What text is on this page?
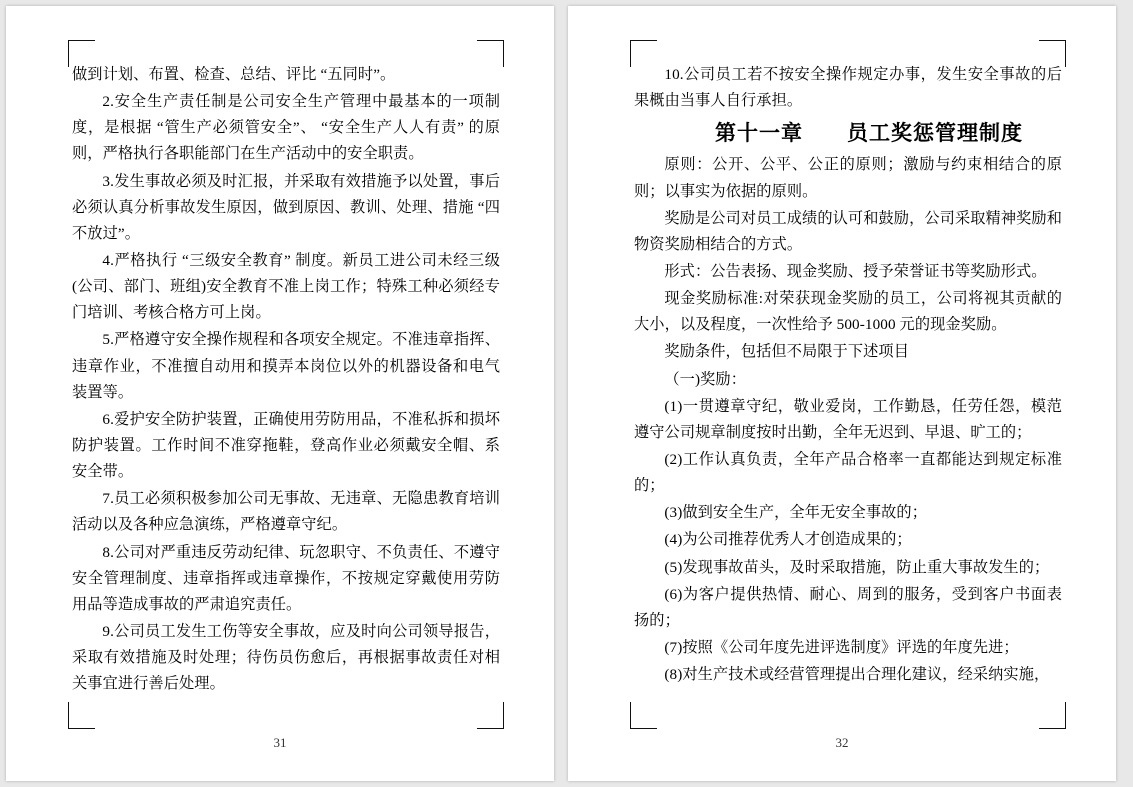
做到计划、布置、检查、总结、评比 “五同时”。

2.安全生产责任制是公司安全生产管理中最基本的一项制度，是根据 “管生产必须管安全”、 “安全生产人人有责” 的原则，严格执行各职能部门在生产活动中的安全职责。

3.发生事故必须及时汇报，并采取有效措施予以处置，事后必须认真分析事故发生原因，做到原因、教训、处理、措施 “四不放过”。

4.严格执行 “三级安全教育” 制度。新员工进公司未经三级(公司、部门、班组)安全教育不准上岗工作；特殊工种必须经专门培训、考核合格方可上岗。

5.严格遵守安全操作规程和各项安全规定。不准违章指挥、违章作业，不准擅自动用和摸弄本岗位以外的机器设备和电气装置等。

6.爱护安全防护装置，正确使用劳防用品，不准私拆和损坏防护装置。工作时间不准穿拖鞋，登高作业必须戴安全帽、系安全带。

7.员工必须积极参加公司无事故、无违章、无隐患教育培训活动以及各种应急演练，严格遵章守纪。

8.公司对严重违反劳动纪律、玩忽职守、不负责任、不遵守安全管理制度、违章指挥或违章操作，不按规定穿戴使用劳防用品等造成事故的严肃追究责任。

9.公司员工发生工伤等安全事故，应及时向公司领导报告，采取有效措施及时处理；待伤员伤愈后，再根据事故责任对相关事宜进行善后处理。

31

10.公司员工若不按安全操作规定办事，发生安全事故的后果概由当事人自行承担。

第十一章　　员工奖惩管理制度

原则：公开、公平、公正的原则；激励与约束相结合的原则；以事实为依据的原则。

奖励是公司对员工成绩的认可和鼓励，公司采取精神奖励和物资奖励相结合的方式。

形式：公告表扬、现金奖励、授予荣誉证书等奖励形式。

现金奖励标准:对荣获现金奖励的员工，公司将视其贡献的大小，以及程度，一次性给予 500-1000 元的现金奖励。

奖励条件，包括但不局限于下述项目

（一)奖励：

(1)一贯遵章守纪，敬业爱岗，工作勤恳，任劳任怨，模范遵守公司规章制度按时出勤，全年无迟到、早退、旷工的；

(2)工作认真负责，全年产品合格率一直都能达到规定标准的；

(3)做到安全生产，全年无安全事故的；

(4)为公司推荐优秀人才创造成果的；

(5)发现事故苗头，及时采取措施，防止重大事故发生的；

(6)为客户提供热情、耐心、周到的服务，受到客户书面表扬的；

(7)按照《公司年度先进评选制度》评选的年度先进；

(8)对生产技术或经营管理提出合理化建议，经采纳实施，

32
